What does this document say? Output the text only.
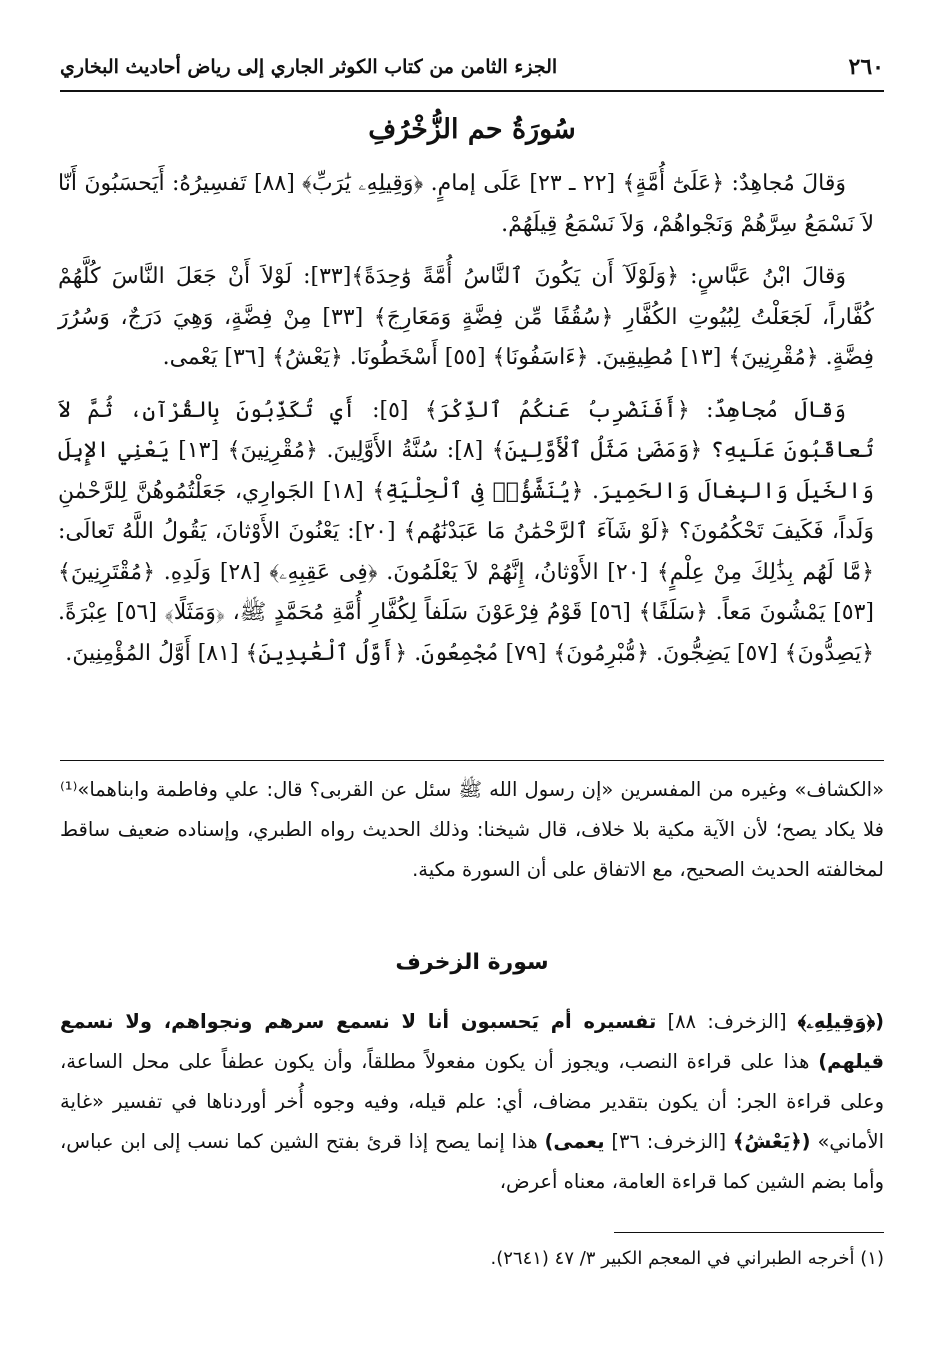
٢٦٠
الجزء الثامن من كتاب الكوثر الجاري إلى رياض أحاديث البخاري
سُورَةُ حم الزُّخْرُفِ

وَقالَ مُجاهِدٌ: ﴿عَلَىٰٓ أُمَّةٍ﴾ [٢٢ ـ ٢٣] عَلَى إمامٍ. ﴿وَقِيلِهِۦ يَٰرَبِّ﴾ [٨٨] تَفسِيرُهُ: أَيَحسَبُونَ أَنّا لاَ نَسْمَعُ سِرَّهُمْ وَنَجْواهُمْ، وَلاَ نَسْمَعُ قِيلَهُمْ.

وَقالَ ابْنُ عَبَّاسٍ: ﴿وَلَوْلَآ أَن يَكُونَ ٱلنَّاسُ أُمَّةً وَٰحِدَةً﴾[٣٣]: لَوْلاَ أَنْ جَعَلَ النَّاسَ كُلَّهُمْ كُفَّاراً، لَجَعَلْتُ لِبُيُوتِ الكُفَّارِ ﴿سُقُفًا مِّن فِضَّةٍ وَمَعَارِجَ﴾ [٣٣] مِنْ فِضَّةٍ، وَهِيَ دَرَجٌ، وَسُرُرَ فِضَّةٍ. ﴿مُقْرِنِينَ﴾ [١٣] مُطِيقِينَ. ﴿ءَاسَفُونَا﴾ [٥٥] أَسْخَطُونَا. ﴿يَعْشُ﴾ [٣٦] يَعْمى.

وَقالَ مُجاهِدٌ: ﴿أَفَنَضْرِبُ عَنكُمُ ٱلذِّكْرَ﴾ [٥]: أَي تُكَذِّبُونَ بِالقُرْآنِ، ثُمَّ لاَ تُعاقَبُونَ عَلَيهِ؟ ﴿وَمَضَىٰ مَثَلُ ٱلْأَوَّلِينَ﴾ [٨]: سُنَّةُ الأَوَّلِينَ. ﴿مُقْرِنِينَ﴾ [١٣] يَعْنِي الإِبِلَ وَالخَيلَ وَالبِغالَ وَالحَمِيرَ. ﴿يُنَشَّؤُا۟ فِى ٱلْحِلْيَةِ﴾ [١٨] الجَوارِي، جَعَلْتُمُوهُنَّ لِلرَّحْمٰنِ وَلَداً، فَكَيفَ تَحْكُمُونَ؟ ﴿لَوْ شَآءَ ٱلرَّحْمَٰنُ مَا عَبَدْنَٰهُم﴾ [٢٠]: يَعْنُونَ الأَوْثانَ، يَقُولُ اللَّهُ تَعالَى: ﴿مَّا لَهُم بِذَٰلِكَ مِنْ عِلْمٍ﴾ [٢٠] الأَوْثانُ، إِنَّهُمْ لاَ يَعْلَمُونَ. ﴿فِى عَقِبِهِۦ﴾ [٢٨] وَلَدِهِ. ﴿مُقْتَرِنِينَ﴾ [٥٣] يَمْشُونَ مَعاً. ﴿سَلَفًا﴾ [٥٦] قَوْمُ فِرْعَوْنَ سَلَفاً لِكُفَّارِ أُمَّةِ مُحَمَّدٍ ﷺ، ﴿وَمَثَلًا﴾ [٥٦] عِبْرَةً. ﴿يَصِدُّونَ﴾ [٥٧] يَضِجُّونَ. ﴿مُّبْرِمُونَ﴾ [٧٩] مُجْمِعُونَ. ﴿أَوَّلُ ٱلْعَٰبِدِينَ﴾ [٨١] أَوَّلُ المُؤْمِنِينَ.

«الكشاف» وغيره من المفسرين «إن رسول الله ﷺ سئل عن القربى؟ قال: علي وفاطمة وابناهما»⁽¹⁾ فلا يكاد يصح؛ لأن الآية مكية بلا خلاف، قال شيخنا: وذلك الحديث رواه الطبري، وإسناده ضعيف ساقط لمخالفته الحديث الصحيح، مع الاتفاق على أن السورة مكية.
سورة الزخرف
(﴿وَقِيلِهِۦ﴾ [الزخرف: ٨٨] تفسيره أم يَحسبون أنا لا نسمع سرهم ونجواهم، ولا نسمع قيلهم) هذا على قراءة النصب، ويجوز أن يكون مفعولاً مطلقاً، وأن يكون عطفاً على محل الساعة، وعلى قراءة الجر: أن يكون بتقدير مضاف، أي: علم قيله، وفيه وجوه أُخر أوردناها في تفسير «غاية الأماني» (﴿يَعْشُ﴾ [الزخرف: ٣٦] يعمى) هذا إنما يصح إذا قرئ بفتح الشين كما نسب إلى ابن عباس، وأما بضم الشين كما قراءة العامة، معناه أعرض،
(١) أخرجه الطبراني في المعجم الكبير ٣/ ٤٧ (٢٦٤١).
